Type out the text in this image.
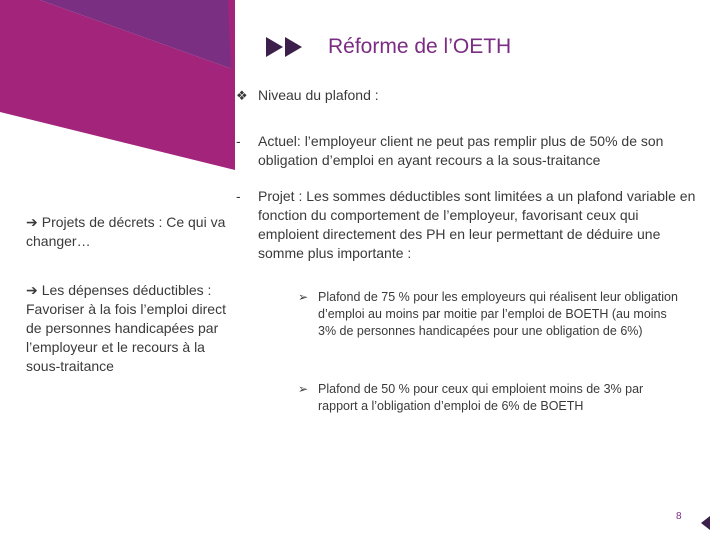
Réforme de l’OETH
➔ Projets de décrets : Ce qui va changer…
➔ Les dépenses déductibles :
Favoriser à la fois l’emploi direct de personnes handicapées par l’employeur et le recours à la sous-traitance
❖ Niveau du plafond :
-	Actuel: l’employeur client ne peut pas remplir plus de 50% de son obligation d’emploi en ayant recours a la sous-traitance
-	Projet : Les sommes déductibles sont limitées a un plafond variable en fonction du comportement de l’employeur, favorisant ceux qui emploient directement des PH en leur permettant de déduire une somme plus importante :
➢ Plafond de 75 % pour les employeurs qui réalisent leur obligation d’emploi au moins par moitie par l’emploi de BOETH (au moins 3% de personnes handicapées pour une obligation de 6%)
➢ Plafond de 50 % pour ceux qui emploient moins de 3% par rapport a l’obligation d’emploi de 6% de BOETH
8
